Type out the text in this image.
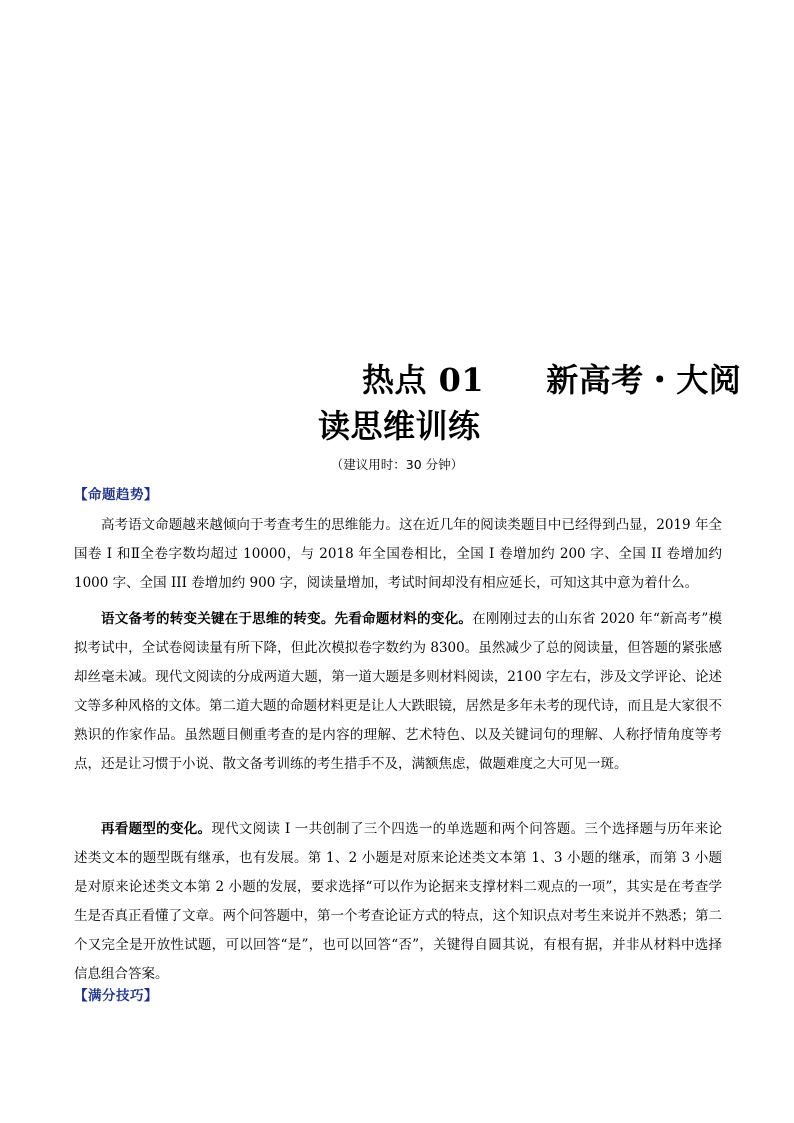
热点 01 新高考・大阅
读思维训练
（建议用时：30 分钟）
【命题趋势】

高考语文命题越来越倾向于考查考生的思维能力。这在近几年的阅读类题目中已经得到凸显，2019 年全国卷 I 和Ⅱ全卷字数均超过 10000，与 2018 年全国卷相比，全国 I 卷增加约 200 字、全国 II 卷增加约 1000 字、全国 III 卷增加约 900 字，阅读量增加，考试时间却没有相应延长，可知这其中意为着什么。

语文备考的转变关键在于思维的转变。先看命题材料的变化。在刚刚过去的山东省 2020 年“新高考”模拟考试中，全试卷阅读量有所下降，但此次模拟卷字数约为 8300。虽然减少了总的阅读量，但答题的紧张感却丝毫未减。现代文阅读的分成两道大题，第一道大题是多则材料阅读，2100 字左右，涉及文学评论、论述文等多种风格的文体。第二道大题的命题材料更是让人大跌眼镜，居然是多年未考的现代诗，而且是大家很不熟识的作家作品。虽然题目侧重考查的是内容的理解、艺术特色、以及关键词句的理解、人称抒情角度等考点，还是让习惯于小说、散文备考训练的考生措手不及，满额焦虑，做题难度之大可见一斑。

再看题型的变化。现代文阅读 I 一共创制了三个四选一的单选题和两个问答题。三个选择题与历年来论述类文本的题型既有继承，也有发展。第 1、2 小题是对原来论述类文本第 1、3 小题的继承，而第 3 小题是对原来论述类文本第 2 小题的发展，要求选择“可以作为论据来支撑材料二观点的一项”，其实是在考查学生是否真正看懂了文章。两个问答题中，第一个考查论证方式的特点，这个知识点对考生来说并不熟悉；第二个又完全是开放性试题，可以回答“是”，也可以回答“否”，关键得自圆其说，有根有据，并非从材料中选择信息组合答案。

【满分技巧】
